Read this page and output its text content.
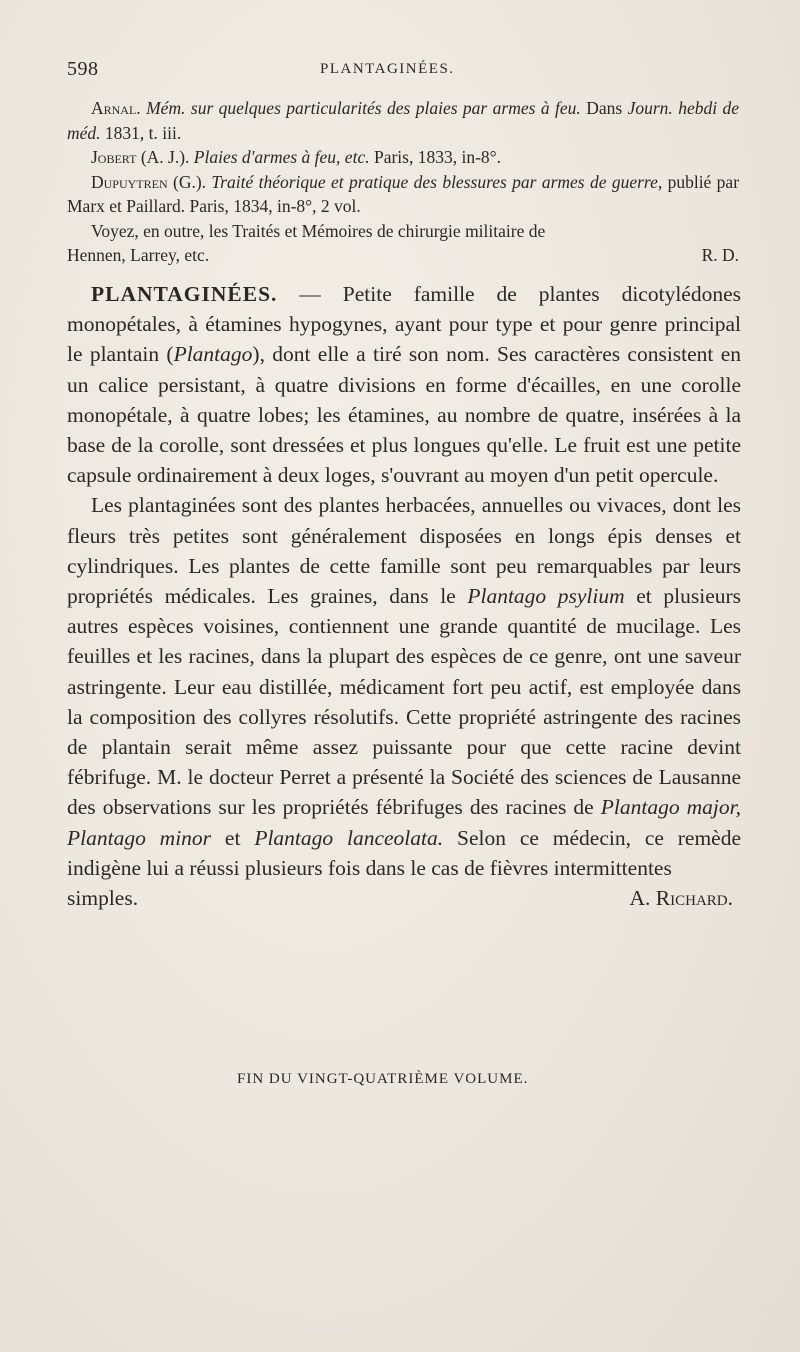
598	PLANTAGINÉES.

Arnal. Mém. sur quelques particularités des plaies par armes à feu. Dans Journ. hebdi de méd. 1831, t. iii.

Jobert (A. J.). Plaies d'armes à feu, etc. Paris, 1833, in-8°.

Dupuytren (G.). Traité théorique et pratique des blessures par armes de guerre, publié par Marx et Paillard. Paris, 1834, in-8°, 2 vol.

Voyez, en outre, les Traités et Mémoires de chirurgie militaire de

Hennen, Larrey, etc.	R. D.

PLANTAGINÉES. — Petite famille de plantes dicotylédones monopétales, à étamines hypogynes, ayant pour type et pour genre principal le plantain (Plantago), dont elle a tiré son nom. Ses caractères consistent en un calice persistant, à quatre divisions en forme d'écailles, en une corolle monopétale, à quatre lobes; les étamines, au nombre de quatre, insérées à la base de la corolle, sont dressées et plus longues qu'elle. Le fruit est une petite capsule ordinairement à deux loges, s'ouvrant au moyen d'un petit opercule.

Les plantaginées sont des plantes herbacées, annuelles ou vivaces, dont les fleurs très petites sont généralement disposées en longs épis denses et cylindriques. Les plantes de cette famille sont peu remarquables par leurs propriétés médicales. Les graines, dans le Plantago psylium et plusieurs autres espèces voisines, contiennent une grande quantité de mucilage. Les feuilles et les racines, dans la plupart des espèces de ce genre, ont une saveur astringente. Leur eau distillée, médicament fort peu actif, est employée dans la composition des collyres résolutifs. Cette propriété astringente des racines de plantain serait même assez puissante pour que cette racine devint fébrifuge. M. le docteur Perret a présenté la Société des sciences de Lausanne des observations sur les propriétés fébrifuges des racines de Plantago major, Plantago minor et Plantago lanceolata. Selon ce médecin, ce remède indigène lui a réussi plusieurs fois dans le cas de fièvres intermittentes

simples.	A. Richard.

FIN DU VINGT-QUATRIÈME VOLUME.
